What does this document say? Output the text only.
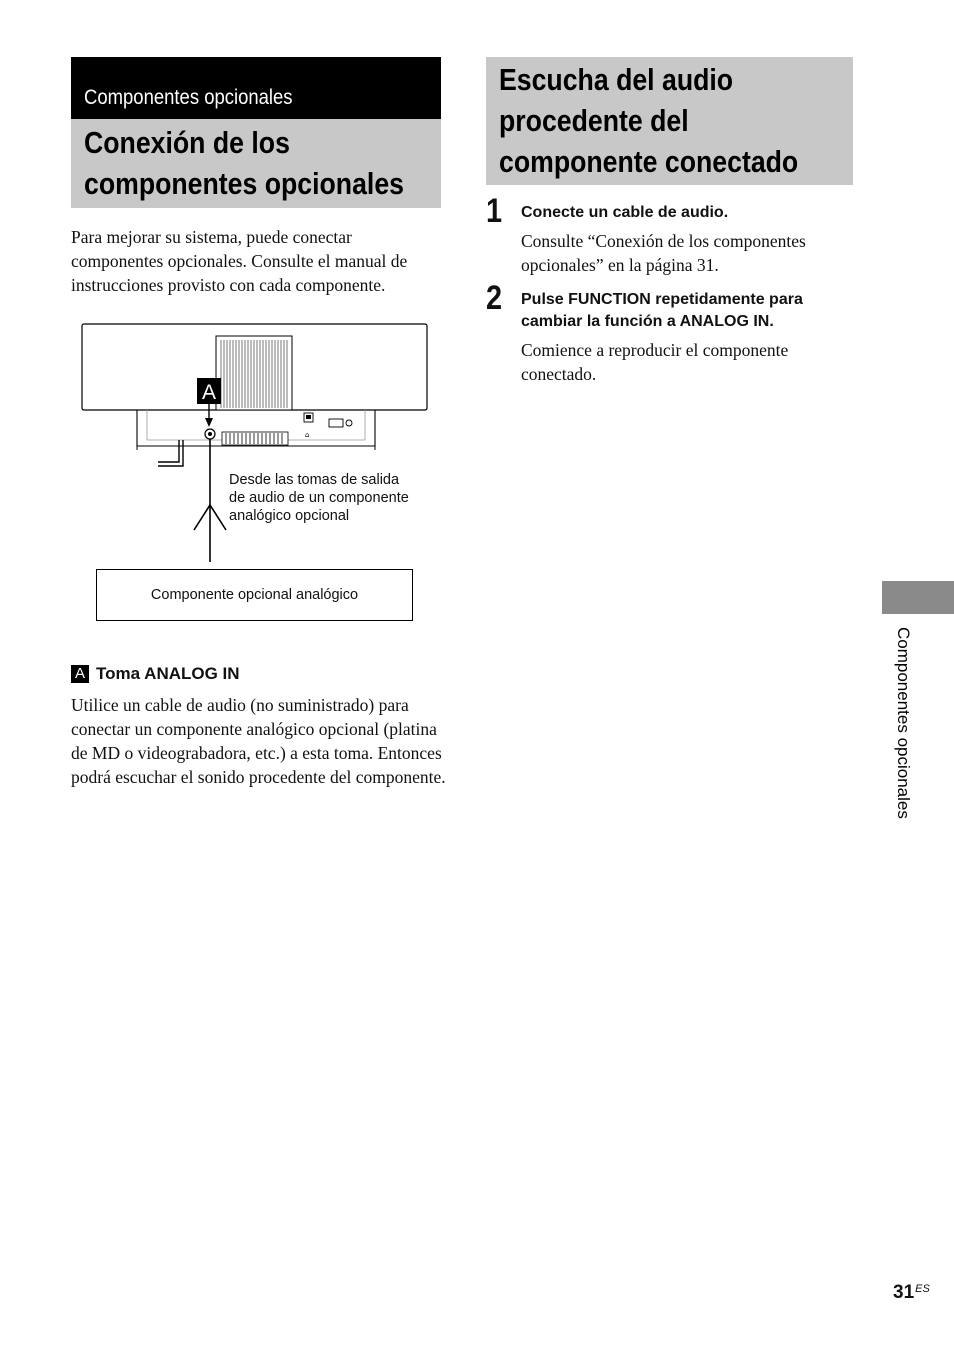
Componentes opcionales
Conexión de los
componentes opcionales
Para mejorar su sistema, puede conectar componentes opcionales. Consulte el manual de instrucciones provisto con cada componente.
⌂
A
Desde las tomas de salida de audio de un componente analógico opcional
Componente opcional analógico
A Toma ANALOG IN
Utilice un cable de audio (no suministrado) para conectar un componente analógico opcional (platina de MD o videograbadora, etc.) a esta toma. Entonces podrá escuchar el sonido procedente del componente.
Escucha del audio
procedente del
componente conectado
1 Conecte un cable de audio.
Consulte “Conexión de los componentes opcionales” en la página 31.
2 Pulse FUNCTION repetidamente para cambiar la función a ANALOG IN.
Comience a reproducir el componente conectado.
Componentes opcionales
$31^{ES}$
